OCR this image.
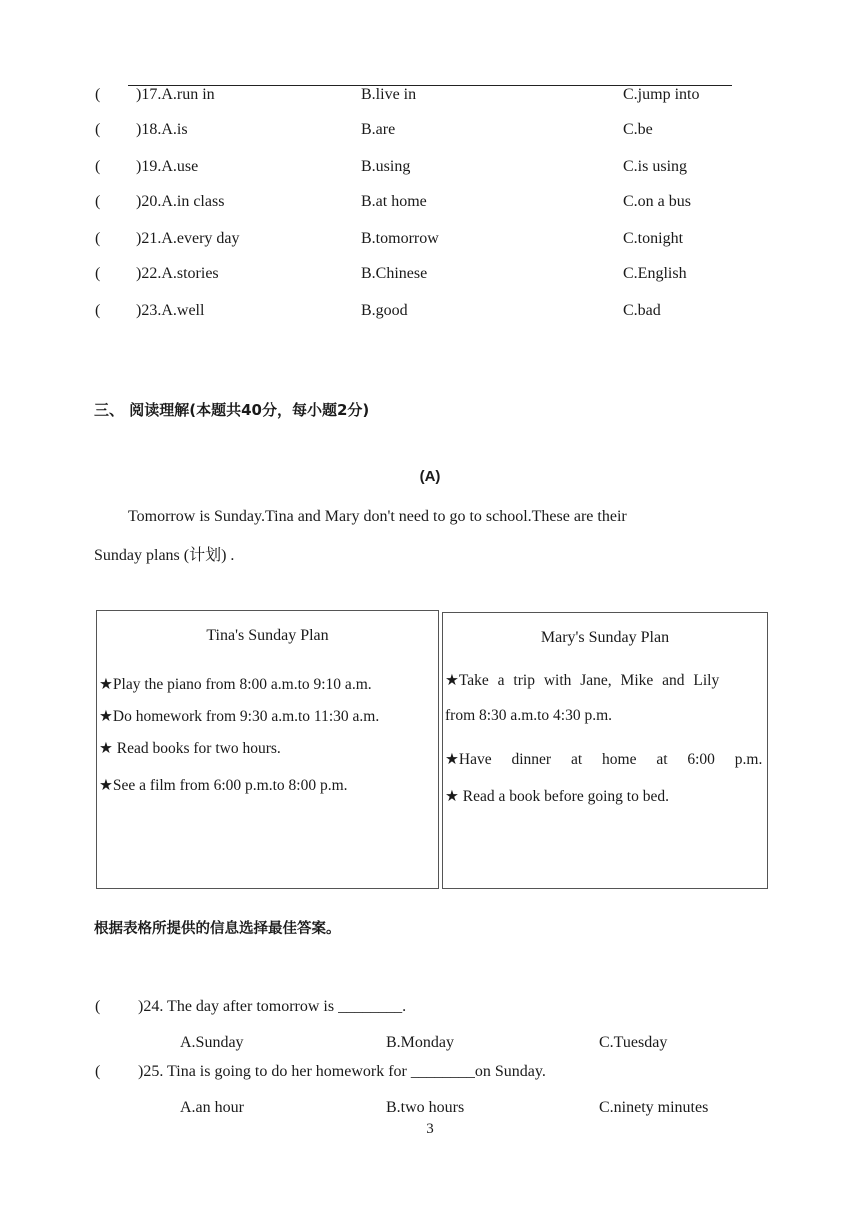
( )17.A.run in	B.live in	C.jump into
( )18.A.is	B.are	C.be
( )19.A.use	B.using	C.is using
( )20.A.in class	B.at home	C.on a bus
( )21.A.every day	B.tomorrow	C.tonight
( )22.A.stories	B.Chinese	C.English
( )23.A.well	B.good	C.bad
三、 阅读理解(本题共40分，每小题2分)
(A)
Tomorrow is Sunday.Tina and Mary don't need to go to school.These are their
Sunday plans (计划) .
Tina's Sunday Plan
★Play the piano from 8:00 a.m.to 9:10 a.m.
★Do homework from 9:30 a.m.to 11:30 a.m.
★ Read books for two hours.
★See a film from 6:00 p.m.to 8:00 p.m.
Mary's Sunday Plan
★Take a trip with Jane, Mike and Lily
from 8:30 a.m.to 4:30 p.m.
★Have dinner at home at 6:00 p.m.
★ Read a book before going to bed.
根据表格所提供的信息选择最佳答案。
( )24. The day after tomorrow is ________.
A.Sunday	B.Monday	C.Tuesday
( )25. Tina is going to do her homework for ________on Sunday.
A.an hour	B.two hours	C.ninety minutes
3
